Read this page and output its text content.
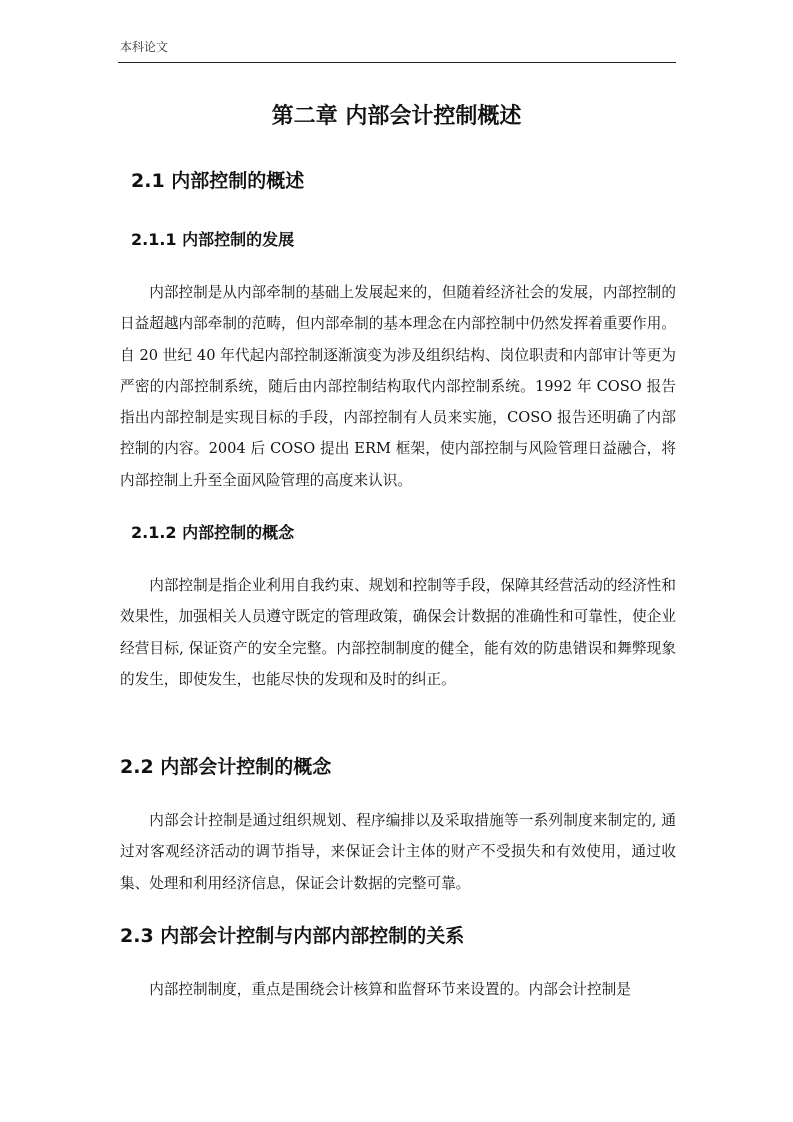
本科论文
第二章 内部会计控制概述
2.1 内部控制的概述
2.1.1 内部控制的发展

内部控制是从内部牵制的基础上发展起来的，但随着经济社会的发展，内部控制的日益超越内部牵制的范畴，但内部牵制的基本理念在内部控制中仍然发挥着重要作用。自 20 世纪 40 年代起内部控制逐渐演变为涉及组织结构、岗位职责和内部审计等更为严密的内部控制系统，随后由内部控制结构取代内部控制系统。1992 年 COSO 报告指出内部控制是实现目标的手段，内部控制有人员来实施，COSO 报告还明确了内部控制的内容。2004 后 COSO 提出 ERM 框架，使内部控制与风险管理日益融合，将内部控制上升至全面风险管理的高度来认识。

2.1.2 内部控制的概念

内部控制是指企业利用自我约束、规划和控制等手段，保障其经营活动的经济性和效果性，加强相关人员遵守既定的管理政策，确保会计数据的准确性和可靠性，使企业经营目标, 保证资产的安全完整。内部控制制度的健全，能有效的防患错误和舞弊现象的发生，即使发生，也能尽快的发现和及时的纠正。

2.2 内部会计控制的概念

内部会计控制是通过组织规划、程序编排以及采取措施等一系列制度来制定的, 通过对客观经济活动的调节指导，来保证会计主体的财产不受损失和有效使用，通过收集、处理和利用经济信息，保证会计数据的完整可靠。

2.3 内部会计控制与内部内部控制的关系

内部控制制度，重点是围绕会计核算和监督环节来设置的。内部会计控制是
